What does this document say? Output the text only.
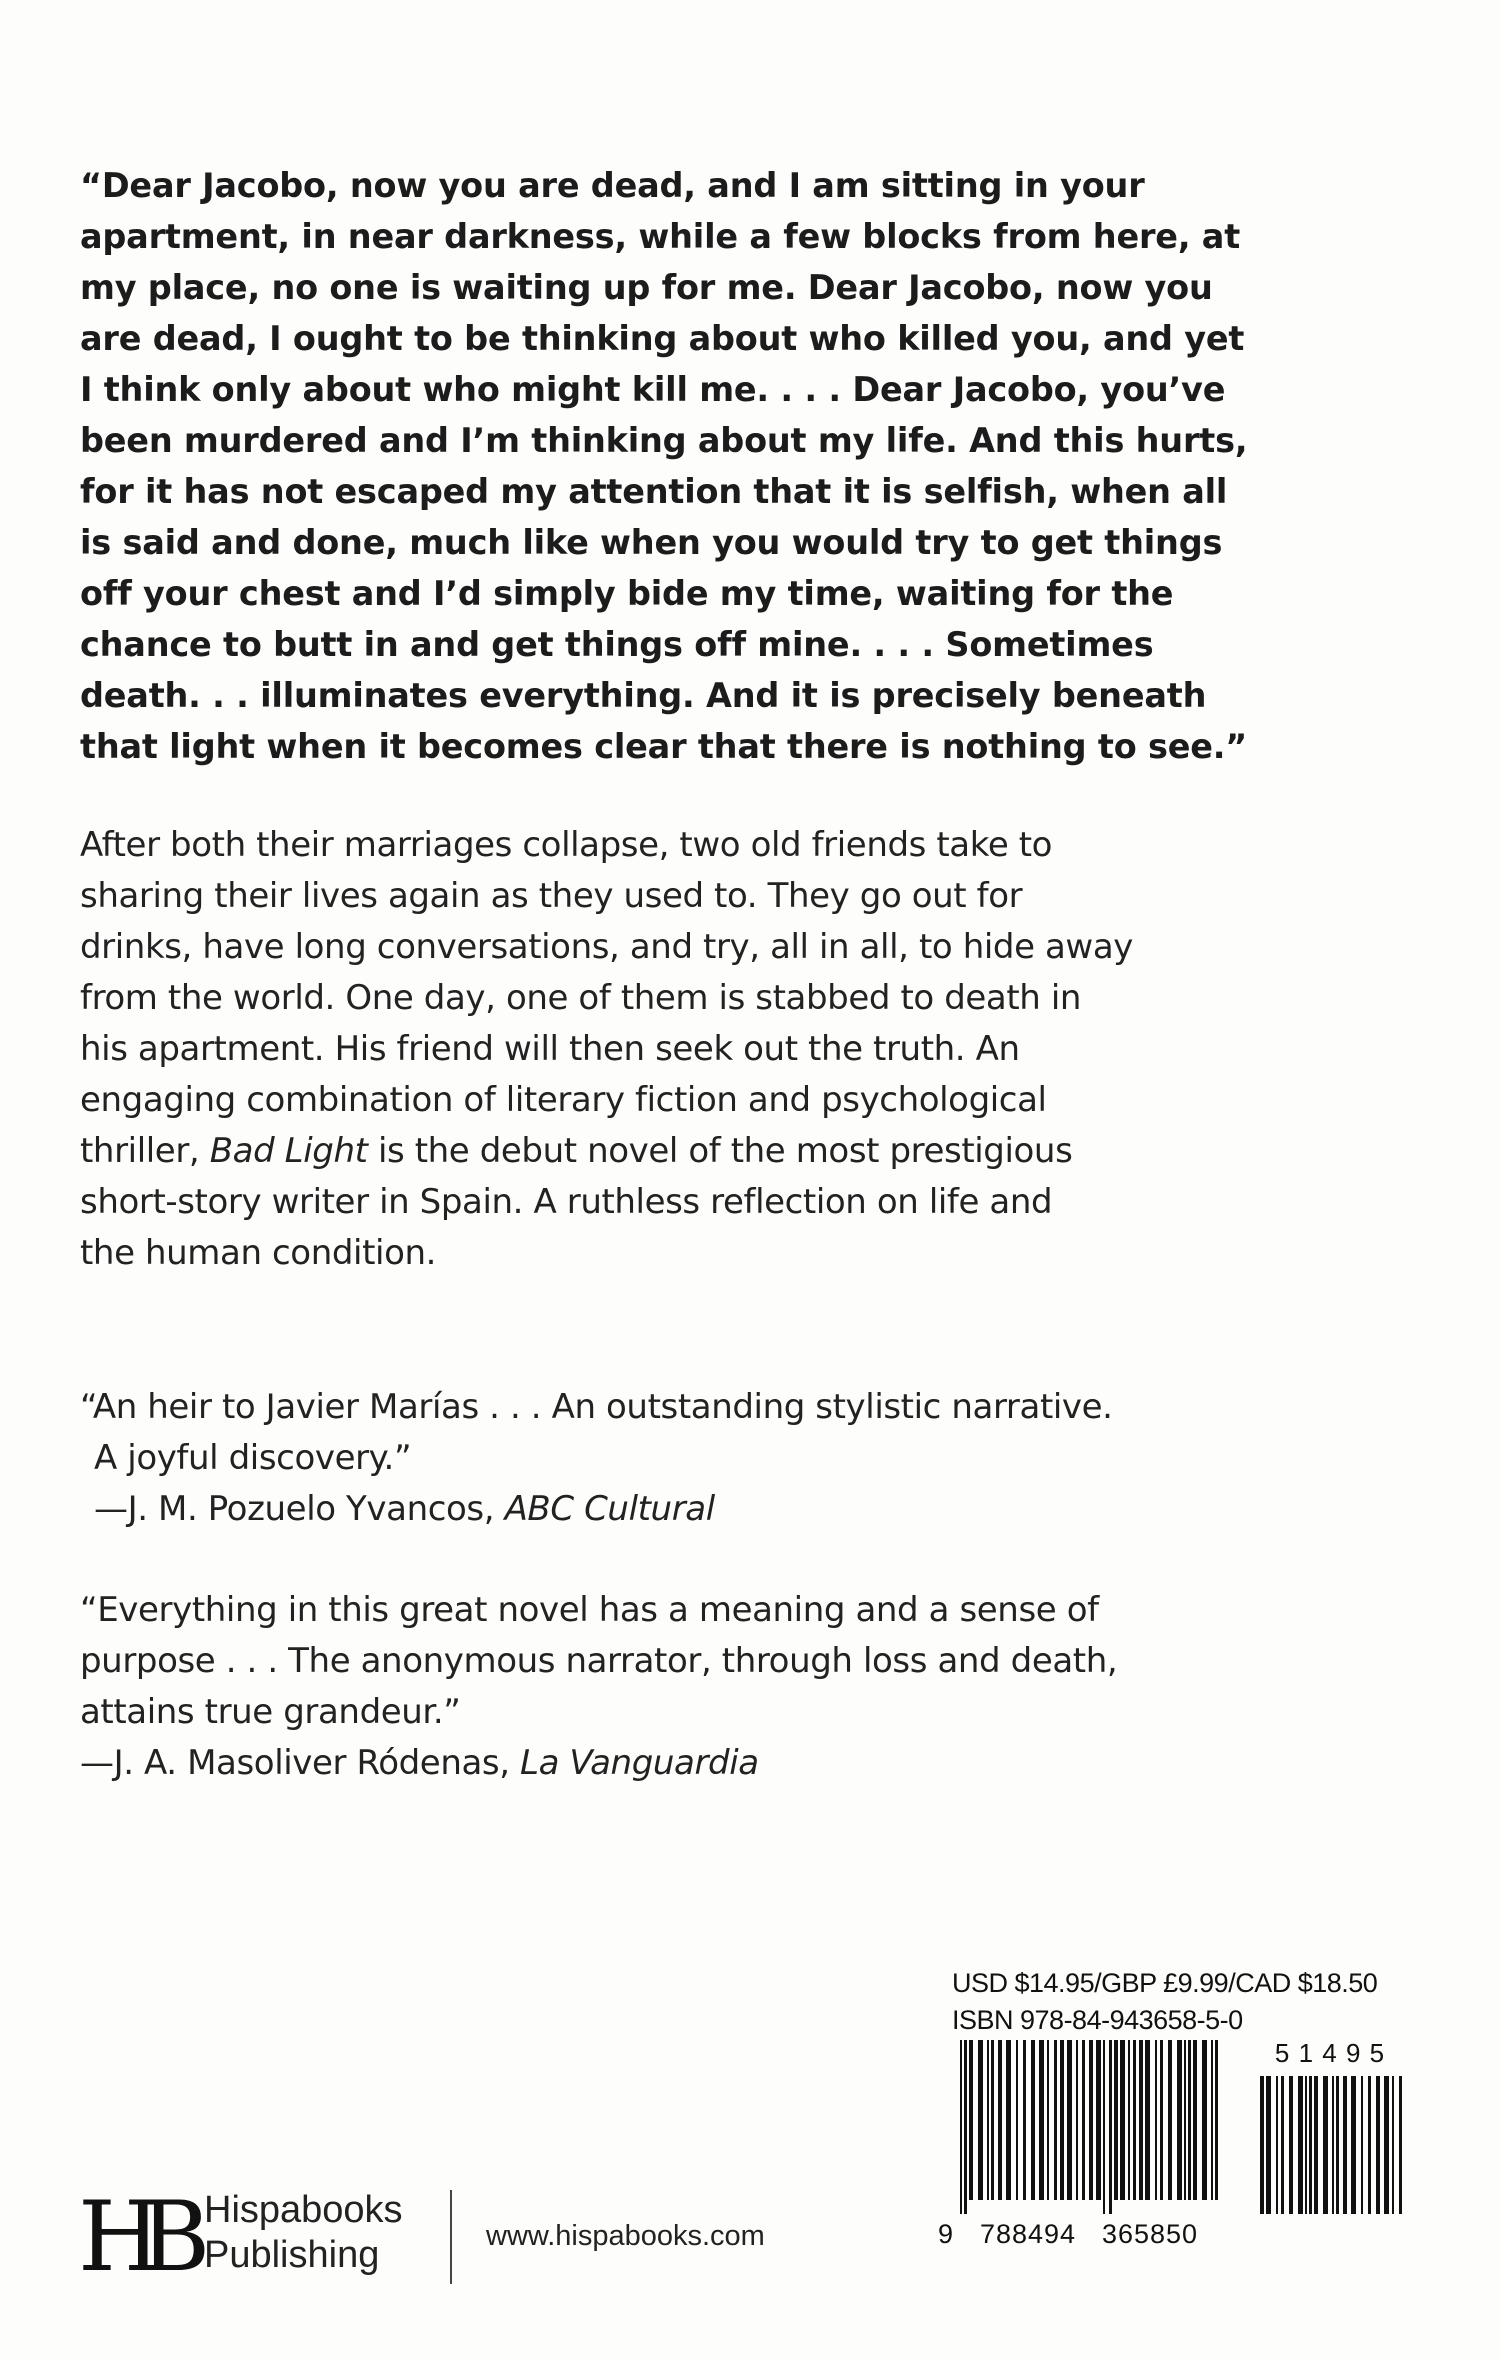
“Dear Jacobo, now you are dead, and I am sitting in your
apartment, in near darkness, while a few blocks from here, at
my place, no one is waiting up for me. Dear Jacobo, now you
are dead, I ought to be thinking about who killed you, and yet
I think only about who might kill me. . . . Dear Jacobo, you’ve
been murdered and I’m thinking about my life. And this hurts,
for it has not escaped my attention that it is selfish, when all
is said and done, much like when you would try to get things
off your chest and I’d simply bide my time, waiting for the
chance to butt in and get things off mine. . . . Sometimes
death. . . illuminates everything. And it is precisely beneath
that light when it becomes clear that there is nothing to see.”
After both their marriages collapse, two old friends take to
sharing their lives again as they used to. They go out for
drinks, have long conversations, and try, all in all, to hide away
from the world. One day, one of them is stabbed to death in
his apartment. His friend will then seek out the truth. An
engaging combination of literary fiction and psychological
thriller, Bad Light is the debut novel of the most prestigious
short-story writer in Spain. A ruthless reflection on life and
the human condition.
“An heir to Javier Marías . . . An outstanding stylistic narrative.
A joyful discovery.”
—J. M. Pozuelo Yvancos, ABC Cultural
“Everything in this great novel has a meaning and a sense of
purpose . . . The anonymous narrator, through loss and death,
attains true grandeur.”
—J. A. Masoliver Ródenas, La Vanguardia
USD $14.95/GBP £9.99/CAD $18.50
ISBN 978-84-943658-5-0
5 1 4 9 5
9 788494 365850
HB Hispabooks
Publishing	www.hispabooks.com
